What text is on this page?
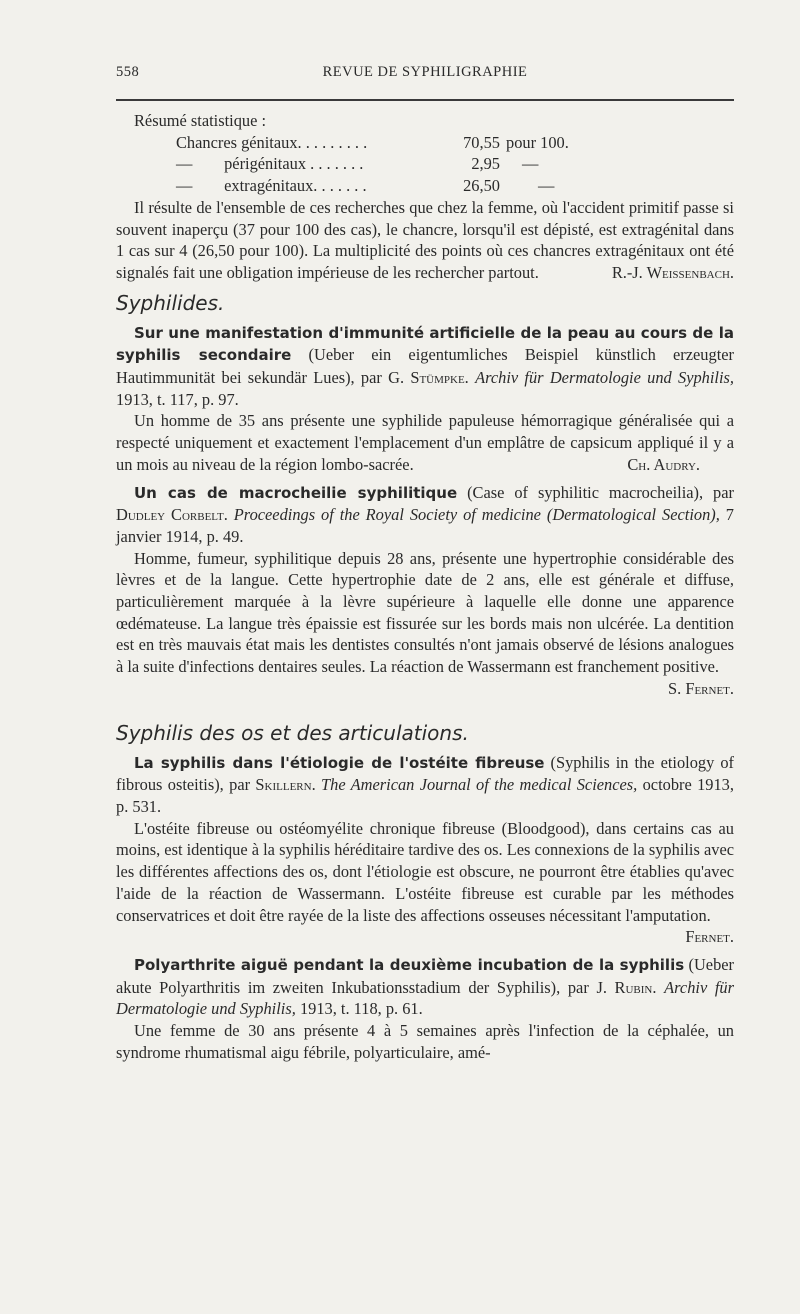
558	REVUE DE SYPHILIGRAPHIE

Résumé statistique :

Chancres génitaux. . . . . . . . .	70,55 pour 100.
— périgénitaux . . . . . . .	2,95	—
— extragénitaux. . . . . . .	26,50	—

Il résulte de l'ensemble de ces recherches que chez la femme, où l'accident primitif passe si souvent inaperçu (37 pour 100 des cas), le chancre, lorsqu'il est dépisté, est extragénital dans 1 cas sur 4 (26,50 pour 100). La multiplicité des points où ces chancres extragénitaux ont été signalés fait une obligation impérieuse de les rechercher partout.	R.-J. Weissenbach.

Syphilides.

Sur une manifestation d'immunité artificielle de la peau au cours de la syphilis secondaire (Ueber ein eigentumliches Beispiel künstlich erzeugter Hautimmunität bei sekundär Lues), par G. Stümpke. Archiv für Dermatologie und Syphilis, 1913, t. 117, p. 97.

Un homme de 35 ans présente une syphilide papuleuse hémorragique généralisée qui a respecté uniquement et exactement l'emplacement d'un emplâtre de capsicum appliqué il y a un mois au niveau de la région lombo-sacrée.	Ch. Audry.

Un cas de macrocheilie syphilitique (Case of syphilitic macrocheilia), par Dudley Corbelt. Proceedings of the Royal Society of medicine (Dermatological Section), 7 janvier 1914, p. 49.

Homme, fumeur, syphilitique depuis 28 ans, présente une hypertrophie considérable des lèvres et de la langue. Cette hypertrophie date de 2 ans, elle est générale et diffuse, particulièrement marquée à la lèvre supérieure à laquelle elle donne une apparence œdémateuse. La langue très épaissie est fissurée sur les bords mais non ulcérée. La dentition est en très mauvais état mais les dentistes consultés n'ont jamais observé de lésions analogues à la suite d'infections dentaires seules. La réaction de Wassermann est franchement positive.
S. Fernet.

Syphilis des os et des articulations.

La syphilis dans l'étiologie de l'ostéite fibreuse (Syphilis in the etiology of fibrous osteitis), par Skillern. The American Journal of the medical Sciences, octobre 1913, p. 531.

L'ostéite fibreuse ou ostéomyélite chronique fibreuse (Bloodgood), dans certains cas au moins, est identique à la syphilis héréditaire tardive des os. Les connexions de la syphilis avec les différentes affections des os, dont l'étiologie est obscure, ne pourront être établies qu'avec l'aide de la réaction de Wassermann. L'ostéite fibreuse est curable par les méthodes conservatrices et doit être rayée de la liste des affections osseuses nécessitant l'amputation.
Fernet.

Polyarthrite aiguë pendant la deuxième incubation de la syphilis (Ueber akute Polyarthritis im zweiten Inkubationsstadium der Syphilis), par J. Rubin. Archiv für Dermatologie und Syphilis, 1913, t. 118, p. 61.

Une femme de 30 ans présente 4 à 5 semaines après l'infection de la céphalée, un syndrome rhumatismal aigu fébrile, polyarticulaire, amé-
